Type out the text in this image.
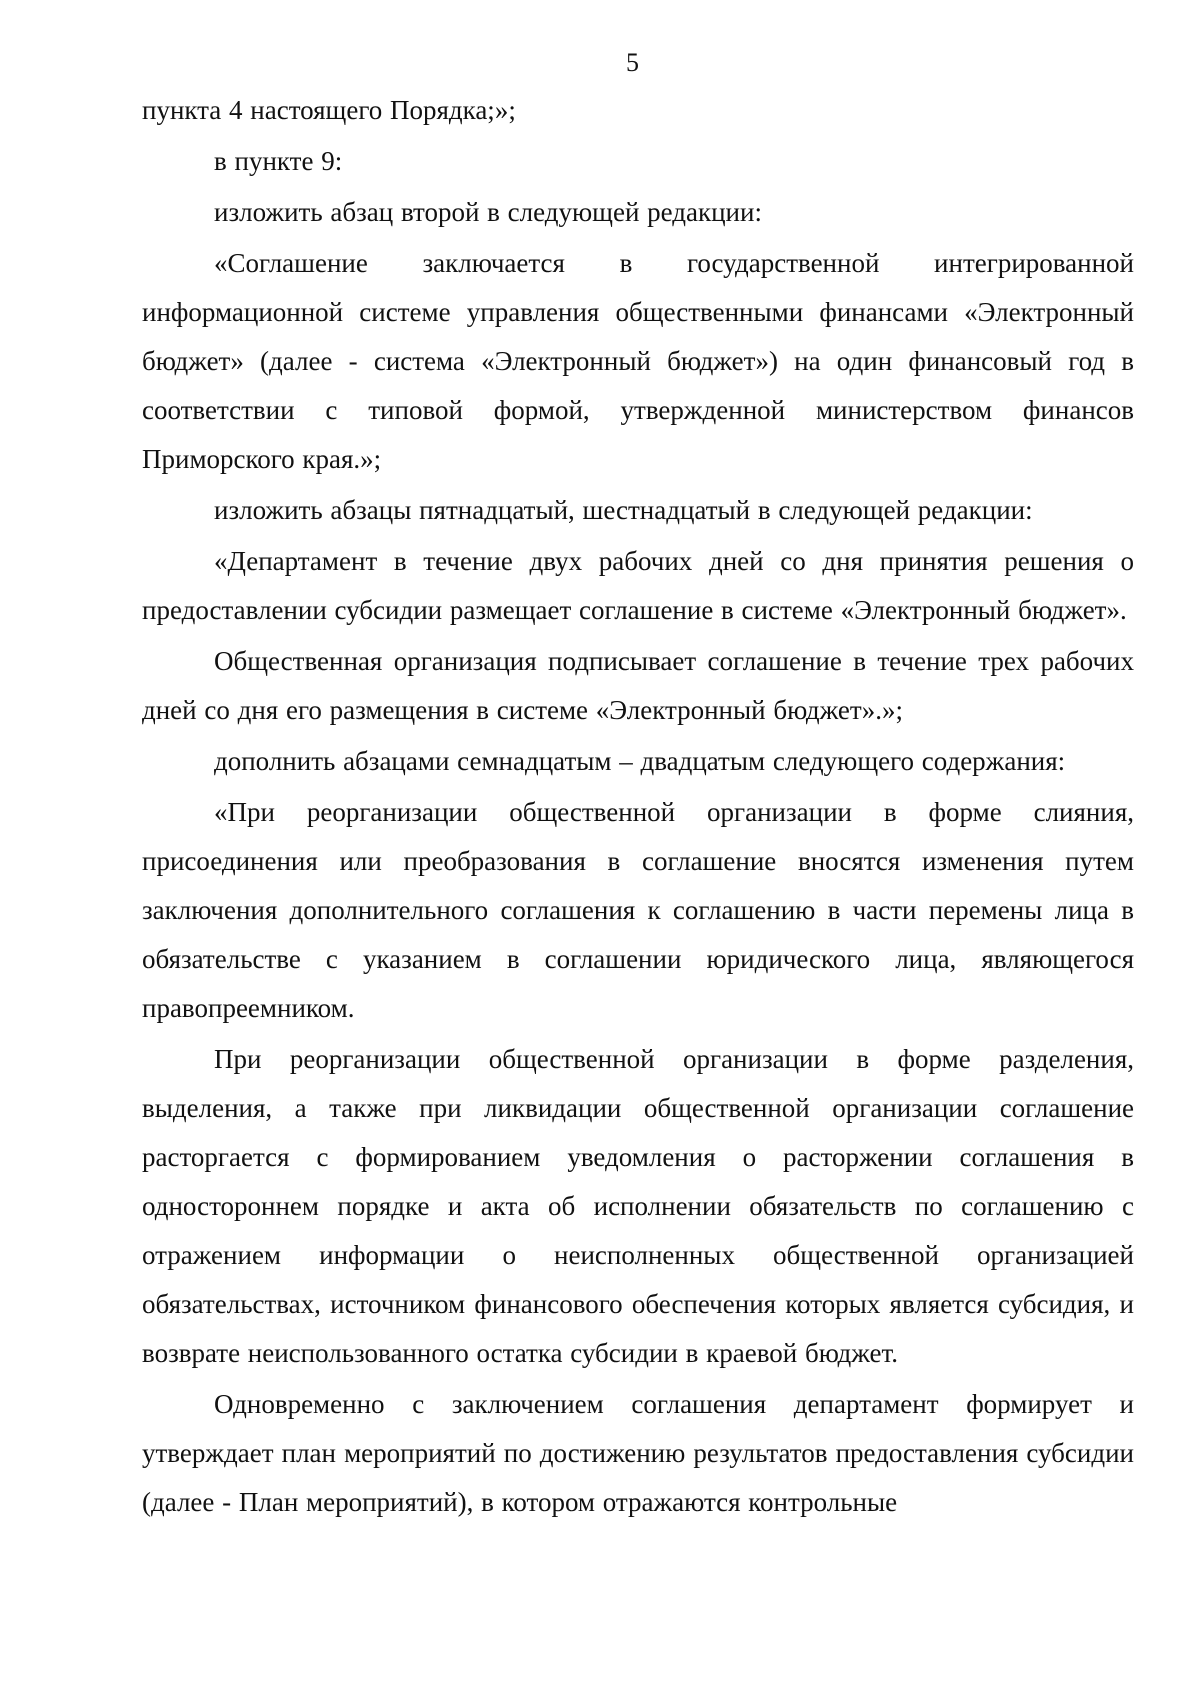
5

пункта 4 настоящего Порядка;»;

в пункте 9:

изложить абзац второй в следующей редакции:

«Соглашение заключается в государственной интегрированной информационной системе управления общественными финансами «Электронный бюджет» (далее - система «Электронный бюджет») на один финансовый год в соответствии с типовой формой, утвержденной министерством финансов Приморского края.»;

изложить абзацы пятнадцатый, шестнадцатый в следующей редакции:

«Департамент в течение двух рабочих дней со дня принятия решения о предоставлении субсидии размещает соглашение в системе «Электронный бюджет».

Общественная организация подписывает соглашение в течение трех рабочих дней со дня его размещения в системе «Электронный бюджет».»;

дополнить абзацами семнадцатым – двадцатым следующего содержания:

«При реорганизации общественной организации в форме слияния, присоединения или преобразования в соглашение вносятся изменения путем заключения дополнительного соглашения к соглашению в части перемены лица в обязательстве с указанием в соглашении юридического лица, являющегося правопреемником.

При реорганизации общественной организации в форме разделения, выделения, а также при ликвидации общественной организации соглашение расторгается с формированием уведомления о расторжении соглашения в одностороннем порядке и акта об исполнении обязательств по соглашению с отражением информации о неисполненных общественной организацией обязательствах, источником финансового обеспечения которых является субсидия, и возврате неиспользованного остатка субсидии в краевой бюджет.

Одновременно с заключением соглашения департамент формирует и утверждает план мероприятий по достижению результатов предоставления субсидии (далее - План мероприятий), в котором отражаются контрольные
